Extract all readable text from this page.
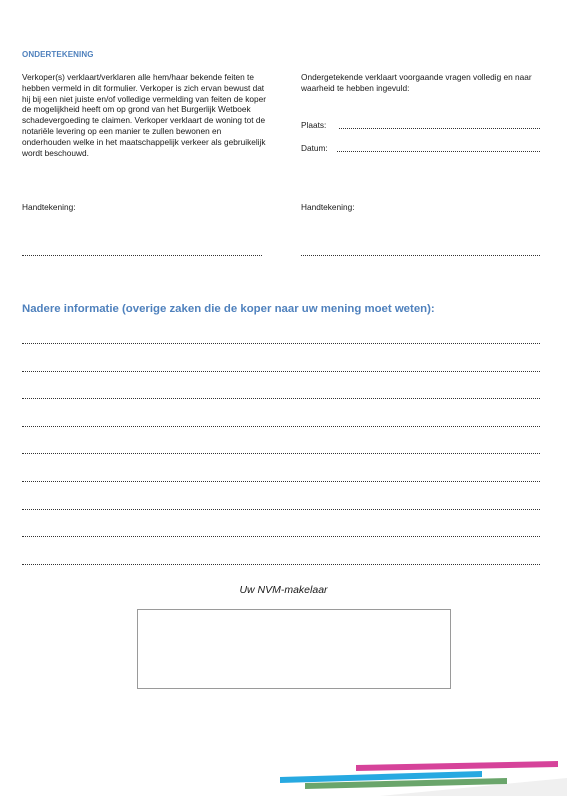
ONDERTEKENING
Verkoper(s) verklaart/verklaren alle hem/haar bekende feiten te hebben vermeld in dit formulier. Verkoper is zich ervan bewust dat hij bij een niet juiste en/of volledige vermelding van feiten de koper de mogelijkheid heeft om op grond van het Burgerlijk Wetboek schadevergoeding te claimen. Verkoper verklaart de woning tot de notariële levering op een manier te zullen bewonen en onderhouden welke in het maatschappelijk verkeer als gebruikelijk wordt beschouwd.
Ondergetekende verklaart voorgaande vragen volledig en naar waarheid te hebben ingevuld:
Plaats:
Datum:
Handtekening:	Handtekening:
Nadere informatie (overige zaken die de koper naar uw mening moet weten):
Uw NVM-makelaar
